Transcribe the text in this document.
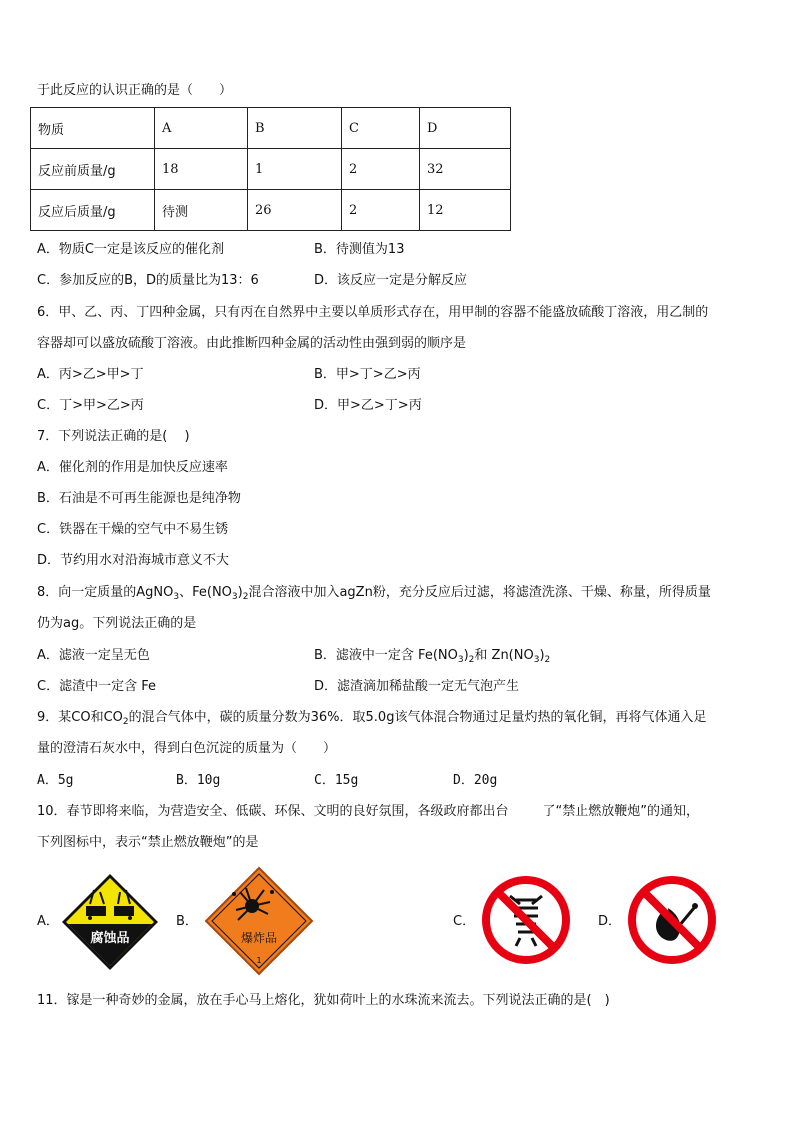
于此反应的认识正确的是（　　）
物质	A	B	C	D
反应前质量/g	18	1	2	32
反应后质量/g	待测	26	2	12
A．物质C一定是该反应的催化剂	B．待测值为13
C．参加反应的B，D的质量比为13：6	D．该反应一定是分解反应
6．甲、乙、丙、丁四种金属，只有丙在自然界中主要以单质形式存在，用甲制的容器不能盛放硫酸丁溶液，用乙制的
容器却可以盛放硫酸丁溶液。由此推断四种金属的活动性由强到弱的顺序是
A．丙>乙>甲>丁	B．甲>丁>乙>丙
C．丁>甲>乙>丙	D．甲>乙>丁>丙
7．下列说法正确的是(　 )
A．催化剂的作用是加快反应速率
B．石油是不可再生能源也是纯净物
C．铁器在干燥的空气中不易生锈
D．节约用水对沿海城市意义不大
8．向一定质量的AgNO$_3$、$Fe(NO_3)_2$混合溶液中加入agZn粉，充分反应后过滤，将滤渣洗涤、干燥、称量，所得质量
仍为ag。下列说法正确的是
A．滤液一定呈无色	B．滤液中一定含 $Fe(NO_3)_2$和 $Zn(NO_3)_2$
C．滤渣中一定含 Fe	D．滤渣滴加稀盐酸一定无气泡产生
9．某CO和$CO_2$的混合气体中，碳的质量分数为36%．取5.0g该气体混合物通过足量灼热的氧化铜，再将气体通入足
量的澄清石灰水中，得到白色沉淀的质量为（　　）
A．5g	B．10g	C．15g	D．20g
10．春节即将来临，为营造安全、低碳、环保、文明的良好氛围，各级政府都出台	了“禁止燃放鞭炮”的通知，
下列图标中，表示“禁止燃放鞭炮”的是
A．	B．	C．	D．
腐蚀品	爆炸品
1
11．镓是一种奇妙的金属，放在手心马上熔化，犹如荷叶上的水珠流来流去。下列说法正确的是(　)
